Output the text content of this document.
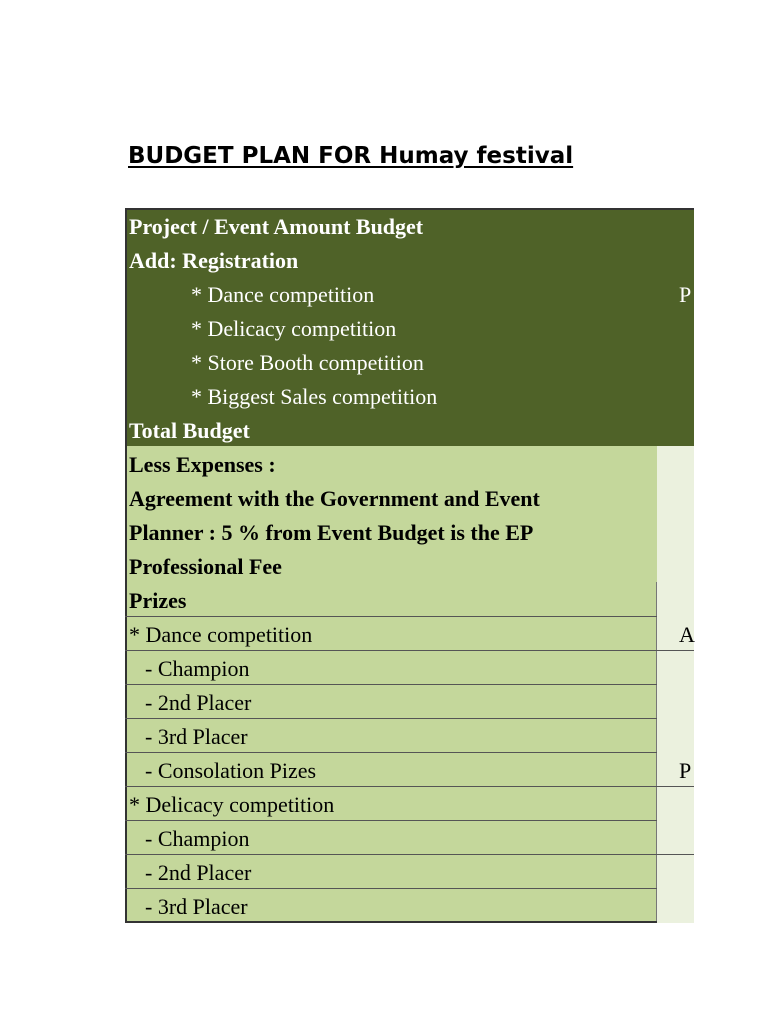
BUDGET PLAN FOR Humay festival
Project / Event Amount Budget
Add: Registration
* Dance competition
* Delicacy competition
* Store Booth competition
* Biggest Sales competition
Total Budget
P
Less Expenses :
Agreement with the Government and Event
Planner : 5 % from Event Budget is the EP
Professional Fee
Prizes
* Dance competition
- Champion
- 2nd Placer
- 3rd Placer
- Consolation Pizes
* Delicacy competition
- Champion
- 2nd Placer
- 3rd Placer
A
P
